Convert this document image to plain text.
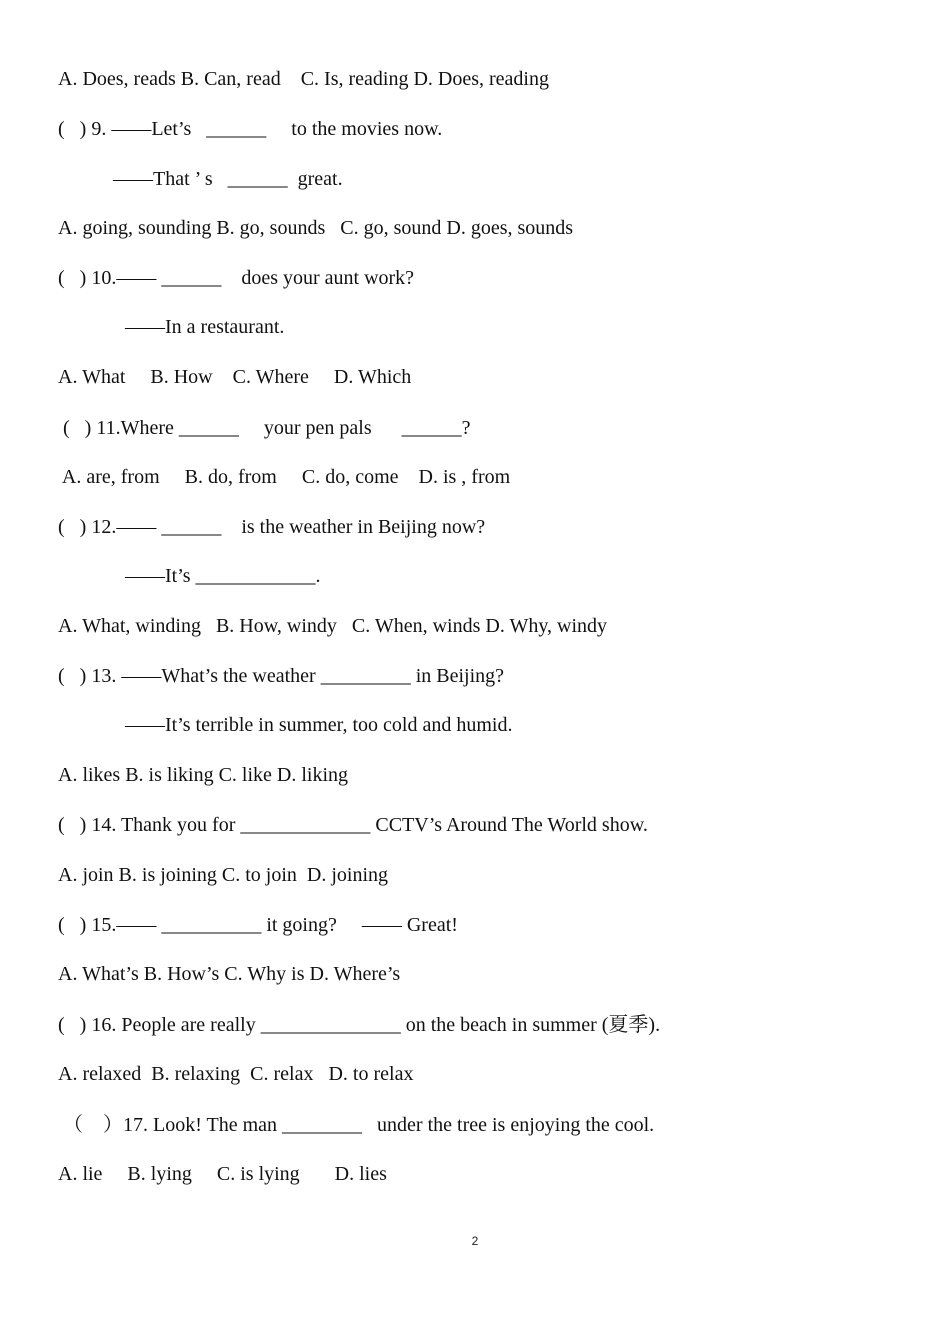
A. Does, reads B. Can, read    C. Is, reading D. Does, reading
(   ) 9. ——Let’s   ______     to the movies now.
——That ’ s   ______  great.
A. going, sounding B. go, sounds   C. go, sound D. goes, sounds
(   ) 10.—— ______    does your aunt work?
——In a restaurant.
A. What     B. How    C. Where     D. Which
(   ) 11.Where ______     your pen pals      ______?
A. are, from     B. do, from     C. do, come    D. is , from
(   ) 12.—— ______    is the weather in Beijing now?
——It’s ____________.
A. What, winding   B. How, windy   C. When, winds D. Why, windy
(   ) 13. ——What’s the weather _________ in Beijing?
——It’s terrible in summer, too cold and humid.
A. likes B. is liking C. like D. liking
(   ) 14. Thank you for _____________ CCTV’s Around The World show.
A. join B. is joining C. to join  D. joining
(   ) 15.—— __________ it going?     —— Great!
A. What’s B. How’s C. Why is D. Where’s
(   ) 16. People are really ______________ on the beach in summer (夏季).
A. relaxed  B. relaxing  C. relax   D. to relax
（    ）17. Look! The man ________   under the tree is enjoying the cool.
A. lie     B. lying     C. is lying       D. lies
2
